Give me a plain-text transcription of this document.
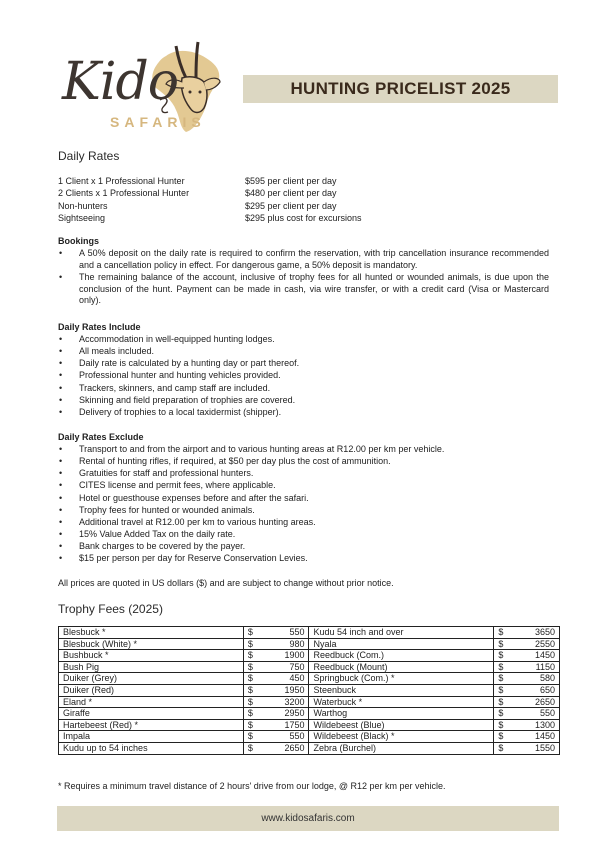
Kido
SAFARIS
HUNTING PRICELIST 2025
Daily Rates
1 Client x 1 Professional Hunter	$595 per client per day
2 Clients x 1 Professional Hunter	$480 per client per day
Non-hunters	$295 per client per day
Sightseeing	$295 plus cost for excursions
Bookings
• A 50% deposit on the daily rate is required to confirm the reservation, with trip cancellation insurance recommended and a cancellation policy in effect. For dangerous game, a 50% deposit is mandatory.
• The remaining balance of the account, inclusive of trophy fees for all hunted or wounded animals, is due upon the conclusion of the hunt. Payment can be made in cash, via wire transfer, or with a credit card (Visa or Mastercard only).
Daily Rates Include
• Accommodation in well-equipped hunting lodges.
• All meals included.
• Daily rate is calculated by a hunting day or part thereof.
• Professional hunter and hunting vehicles provided.
• Trackers, skinners, and camp staff are included.
• Skinning and field preparation of trophies are covered.
• Delivery of trophies to a local taxidermist (shipper).
Daily Rates Exclude
• Transport to and from the airport and to various hunting areas at R12.00 per km per vehicle.
• Rental of hunting rifles, if required, at $50 per day plus the cost of ammunition.
• Gratuities for staff and professional hunters.
• CITES license and permit fees, where applicable.
• Hotel or guesthouse expenses before and after the safari.
• Trophy fees for hunted or wounded animals.
• Additional travel at R12.00 per km to various hunting areas.
• 15% Value Added Tax on the daily rate.
• Bank charges to be covered by the payer.
• $15 per person per day for Reserve Conservation Levies.
All prices are quoted in US dollars ($) and are subject to change without prior notice.
Trophy Fees (2025)
Blesbuck *	$	550	Kudu 54 inch and over	$	3650
Blesbuck (White) *	$	980	Nyala	$	2550
Bushbuck *	$	1900	Reedbuck (Com.)	$	1450
Bush Pig	$	750	Reedbuck (Mount)	$	1150
Duiker (Grey)	$	450	Springbuck (Com.) *	$	580
Duiker (Red)	$	1950	Steenbuck	$	650
Eland *	$	3200	Waterbuck *	$	2650
Giraffe	$	2950	Warthog	$	550
Hartebeest (Red) *	$	1750	Wildebeest (Blue)	$	1300
Impala	$	550	Wildebeest (Black) *	$	1450
Kudu up to 54 inches	$	2650	Zebra (Burchel)	$	1550
* Requires a minimum travel distance of 2 hours' drive from our lodge, @ R12 per km per vehicle.
www.kidosafaris.com
